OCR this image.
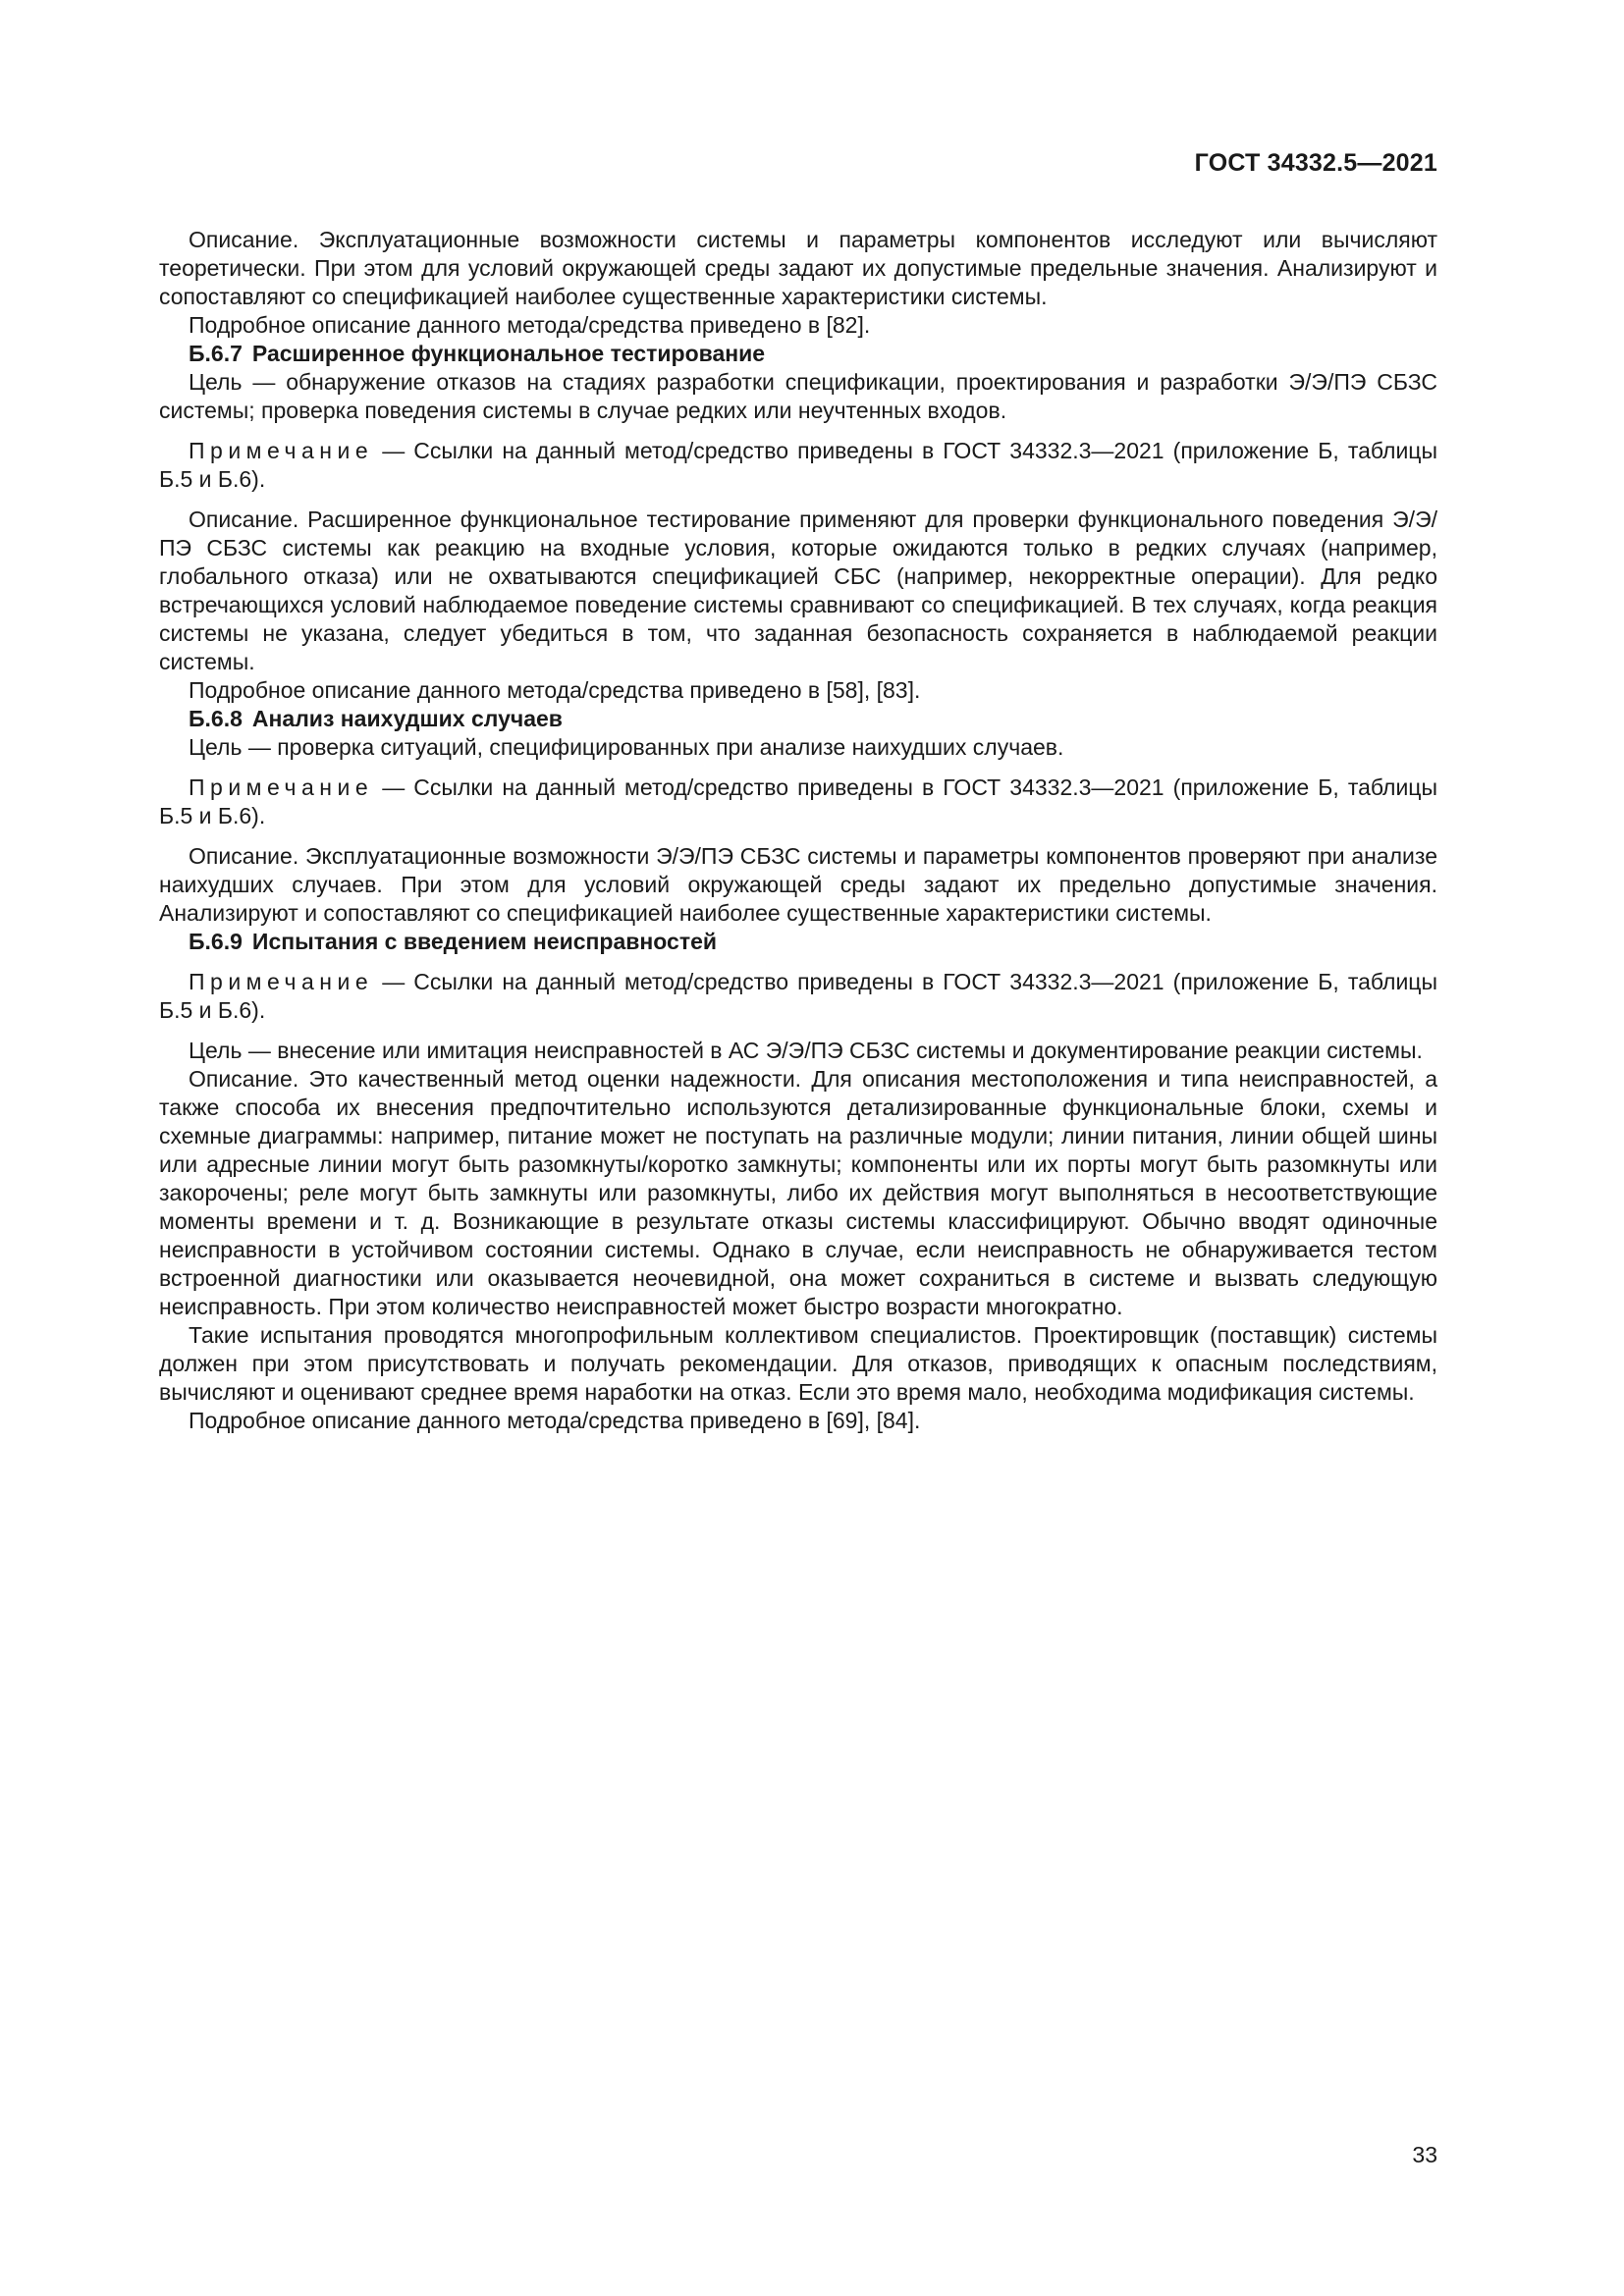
ГОСТ 34332.5—2021

Описание. Эксплуатационные возможности системы и параметры компонентов исследуют или вычисляют теоретически. При этом для условий окружающей среды задают их допустимые предельные значения. Анализируют и сопоставляют со спецификацией наиболее существенные характеристики системы.

Подробное описание данного метода/средства приведено в [82].

Б.6.7 Расширенное функциональное тестирование

Цель — обнаружение отказов на стадиях разработки спецификации, проектирования и разработки Э/Э/ПЭ СБЗС системы; проверка поведения системы в случае редких или неучтенных входов.

Примечание — Ссылки на данный метод/средство приведены в ГОСТ 34332.3—2021 (приложение Б, таблицы Б.5 и Б.6).

Описание. Расширенное функциональное тестирование применяют для проверки функционального поведения Э/Э/ПЭ СБЗС системы как реакцию на входные условия, которые ожидаются только в редких случаях (например, глобального отказа) или не охватываются спецификацией СБС (например, некорректные операции). Для редко встречающихся условий наблюдаемое поведение системы сравнивают со спецификацией. В тех случаях, когда реакция системы не указана, следует убедиться в том, что заданная безопасность сохраняется в наблюдаемой реакции системы.

Подробное описание данного метода/средства приведено в [58], [83].

Б.6.8 Анализ наихудших случаев

Цель — проверка ситуаций, специфицированных при анализе наихудших случаев.

Примечание — Ссылки на данный метод/средство приведены в ГОСТ 34332.3—2021 (приложение Б, таблицы Б.5 и Б.6).

Описание. Эксплуатационные возможности Э/Э/ПЭ СБЗС системы и параметры компонентов проверяют при анализе наихудших случаев. При этом для условий окружающей среды задают их предельно допустимые значения. Анализируют и сопоставляют со спецификацией наиболее существенные характеристики системы.

Б.6.9 Испытания с введением неисправностей

Примечание — Ссылки на данный метод/средство приведены в ГОСТ 34332.3—2021 (приложение Б, таблицы Б.5 и Б.6).

Цель — внесение или имитация неисправностей в АС Э/Э/ПЭ СБЗС системы и документирование реакции системы.

Описание. Это качественный метод оценки надежности. Для описания местоположения и типа неисправностей, а также способа их внесения предпочтительно используются детализированные функциональные блоки, схемы и схемные диаграммы: например, питание может не поступать на различные модули; линии питания, линии общей шины или адресные линии могут быть разомкнуты/коротко замкнуты; компоненты или их порты могут быть разомкнуты или закорочены; реле могут быть замкнуты или разомкнуты, либо их действия могут выполняться в несоответствующие моменты времени и т. д. Возникающие в результате отказы системы классифицируют. Обычно вводят одиночные неисправности в устойчивом состоянии системы. Однако в случае, если неисправность не обнаруживается тестом встроенной диагностики или оказывается неочевидной, она может сохраниться в системе и вызвать следующую неисправность. При этом количество неисправностей может быстро возрасти многократно.

Такие испытания проводятся многопрофильным коллективом специалистов. Проектировщик (поставщик) системы должен при этом присутствовать и получать рекомендации. Для отказов, приводящих к опасным последствиям, вычисляют и оценивают среднее время наработки на отказ. Если это время мало, необходима модификация системы.

Подробное описание данного метода/средства приведено в [69], [84].

33
